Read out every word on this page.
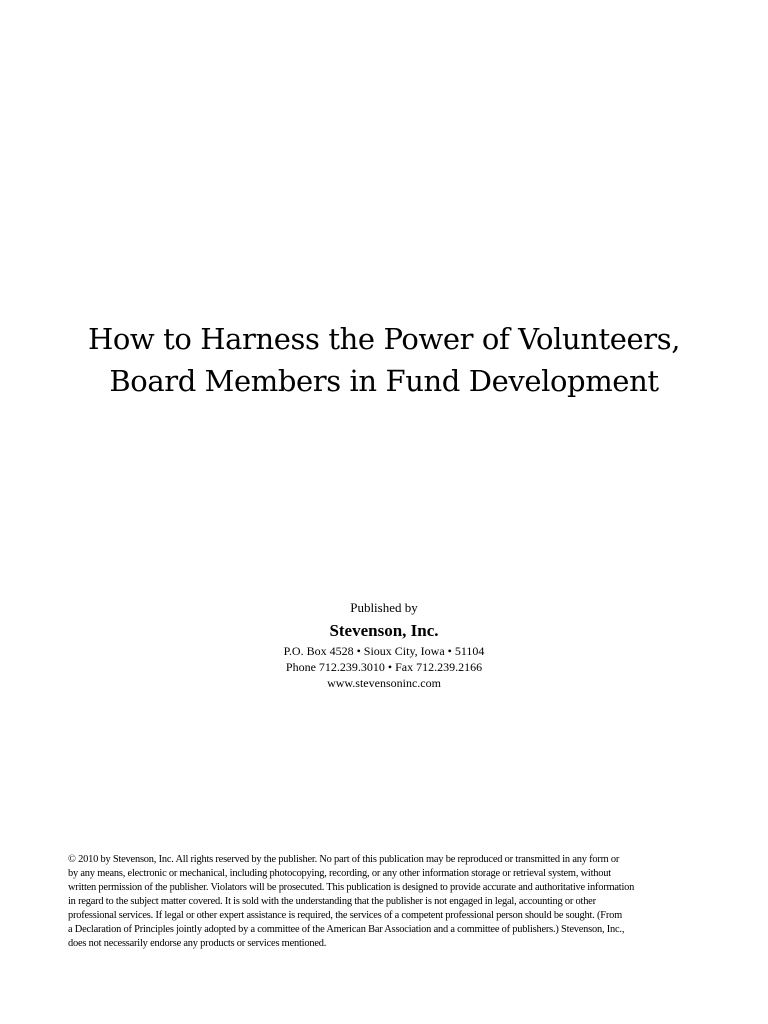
How to Harness the Power of Volunteers,
Board Members in Fund Development
Published by
Stevenson, Inc.
P.O. Box 4528 • Sioux City, Iowa • 51104
Phone 712.239.3010 • Fax 712.239.2166
www.stevensoninc.com
© 2010 by Stevenson, Inc. All rights reserved by the publisher. No part of this publication may be reproduced or transmitted in any form or
by any means, electronic or mechanical, including photocopying, recording, or any other information storage or retrieval system, without
written permission of the publisher. Violators will be prosecuted. This publication is designed to provide accurate and authoritative information
in regard to the subject matter covered. It is sold with the understanding that the publisher is not engaged in legal, accounting or other
professional services. If legal or other expert assistance is required, the services of a competent professional person should be sought. (From
a Declaration of Principles jointly adopted by a committee of the American Bar Association and a committee of publishers.) Stevenson, Inc.,
does not necessarily endorse any products or services mentioned.
